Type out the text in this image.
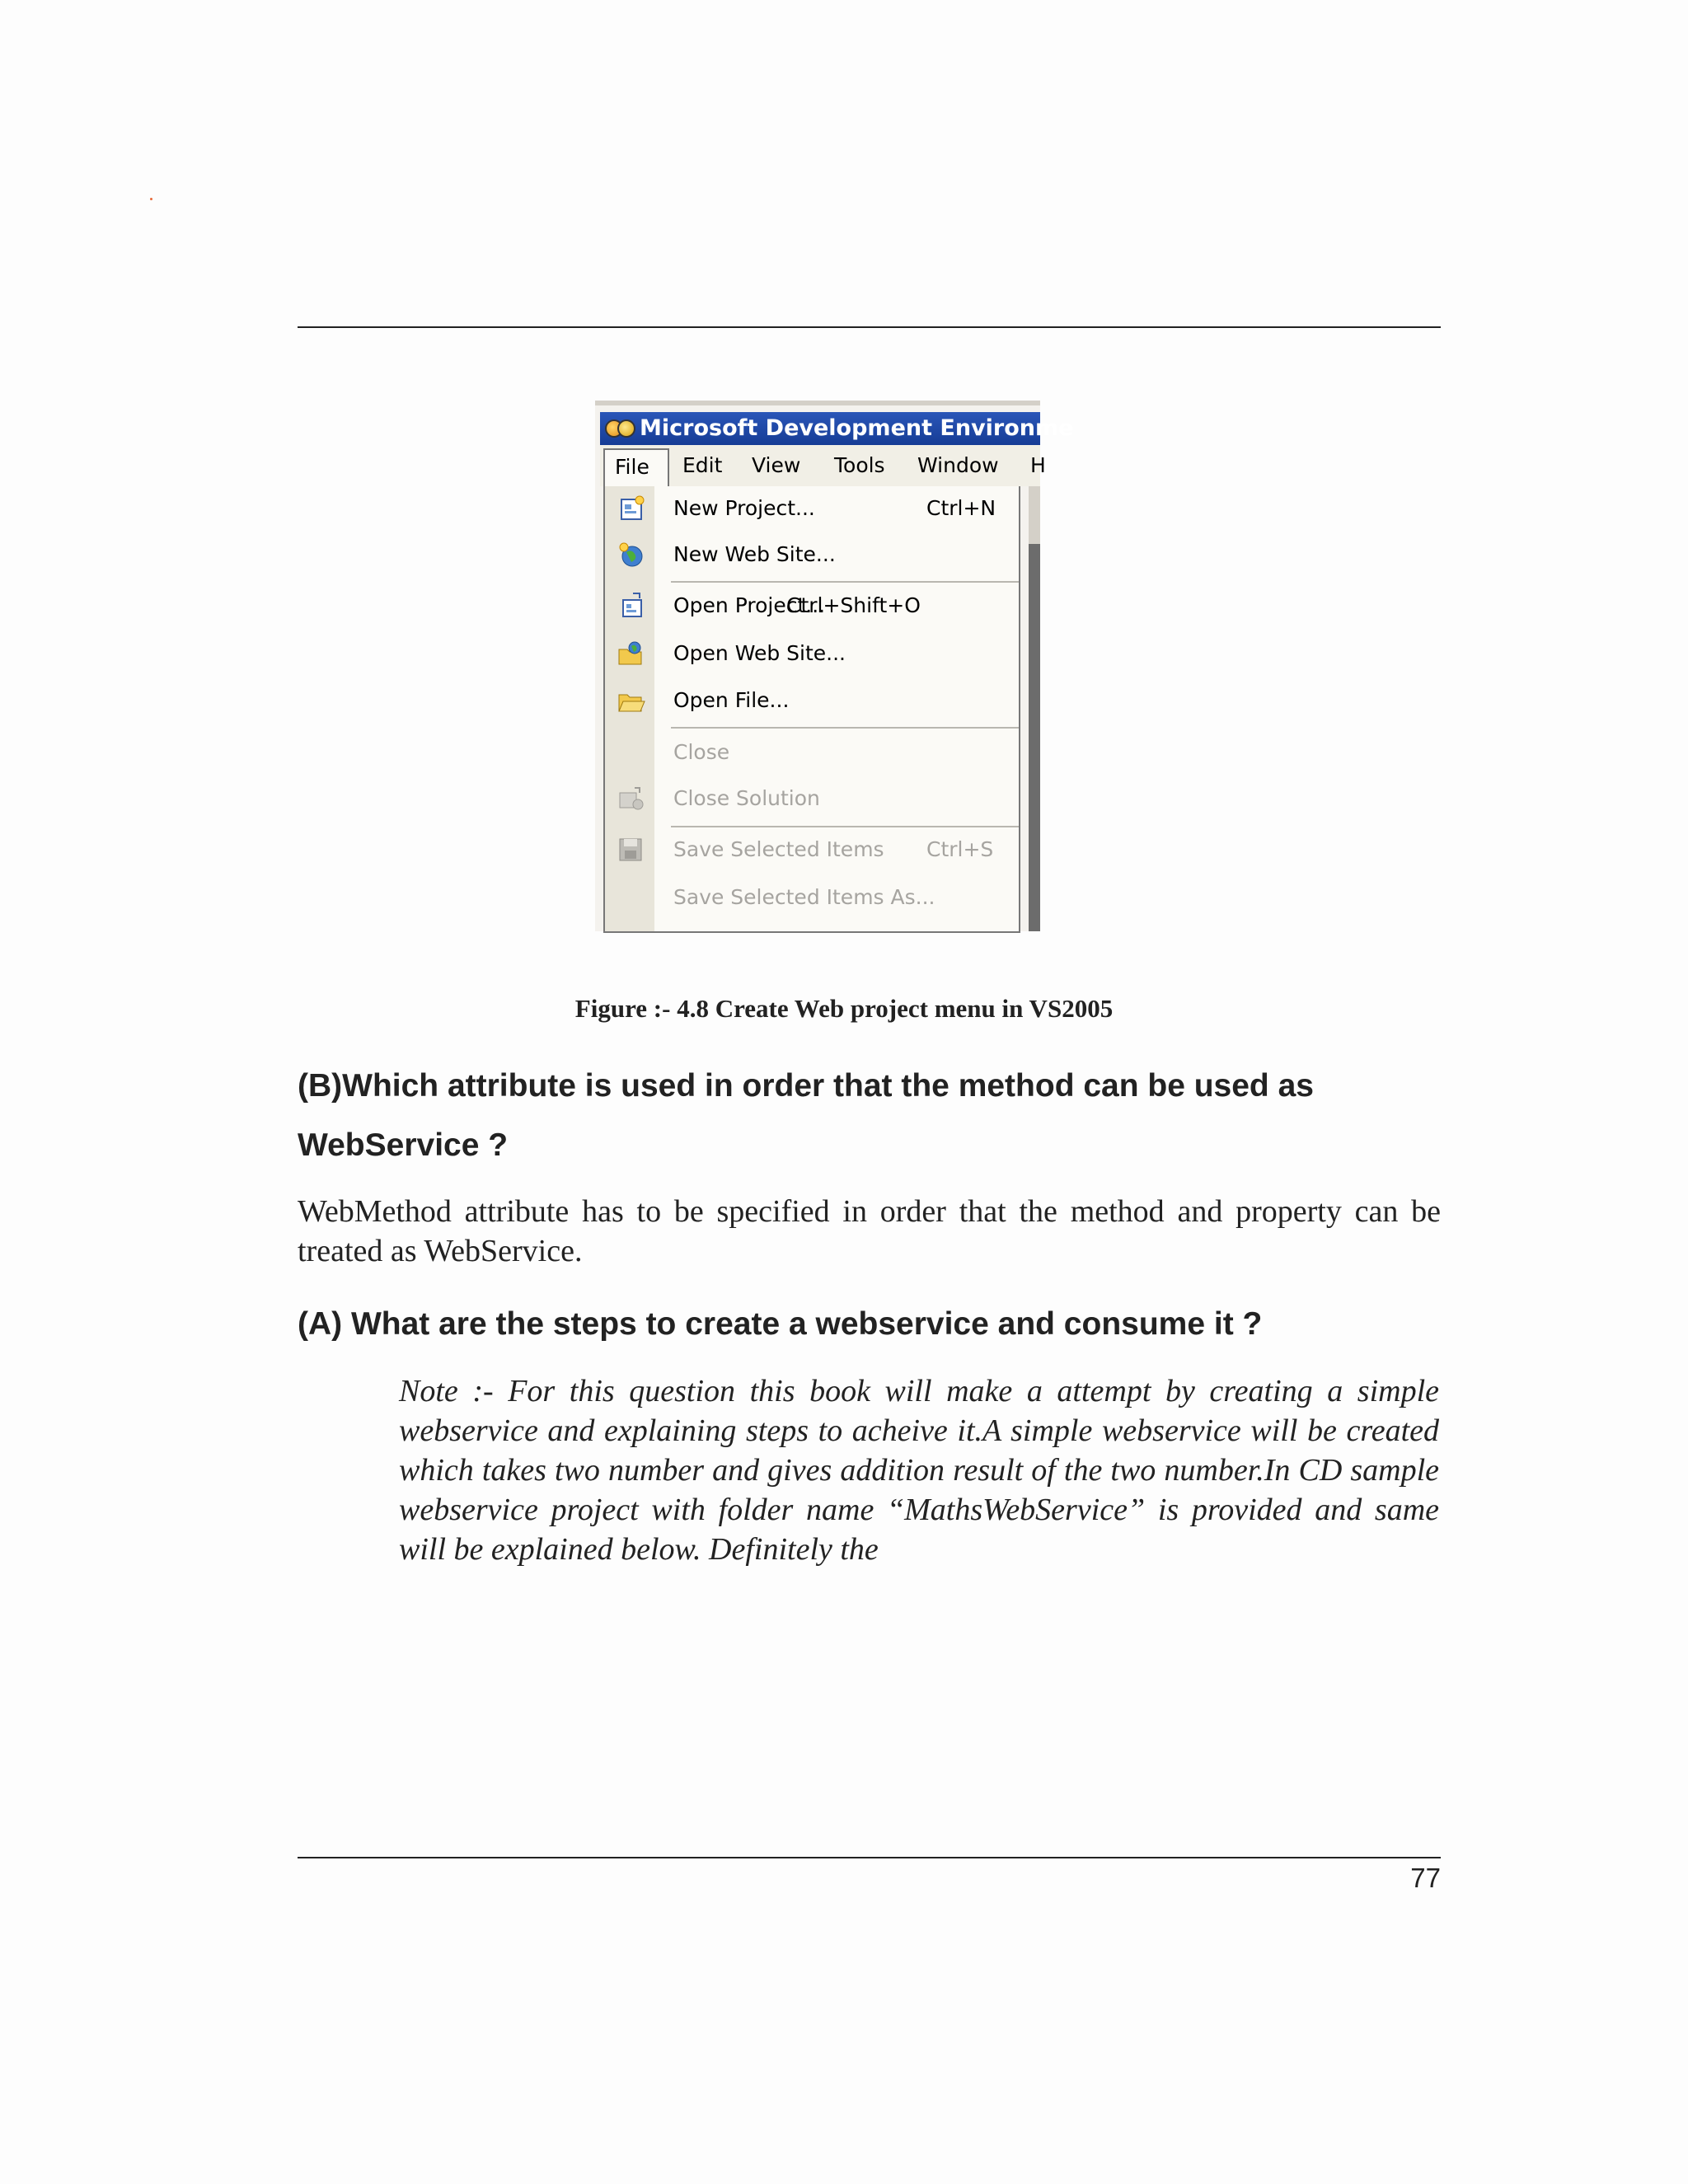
Microsoft Development Environme
File Edit View Tools Window H
New Project...	Ctrl+N
New Web Site...
Open Project...
Ctrl+Shift+O
Open Web Site...
Open File...
Close
Close Solution
Save Selected Items Ctrl+S
Save Selected Items As...
Figure :- 4.8 Create Web project menu in VS2005
(B)Which attribute is used in order that the method can be used as
WebService ?
WebMethod attribute has to be specified in order that the method and property can be treated as WebService.
(A) What are the steps to create a webservice and consume it ?
Note :- For this question this book will make a attempt by creating a simple webservice and explaining steps to acheive it.A simple webservice will be created which takes two number and gives addition result of the two number.In CD sample webservice project with folder name “MathsWebService” is provided and same will be explained below. Definitely the
77
